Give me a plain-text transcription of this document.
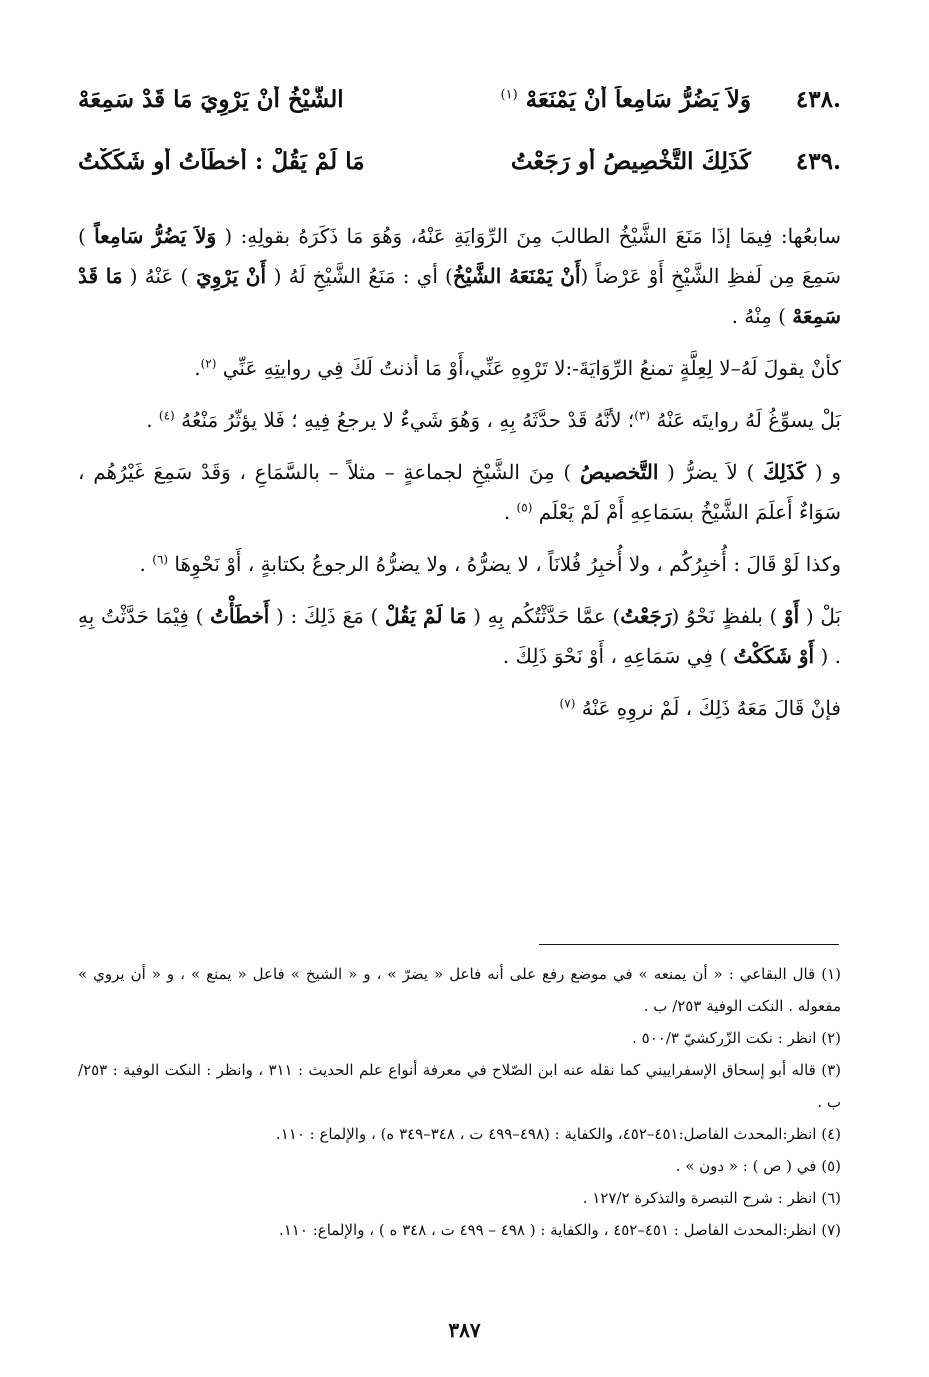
٤٣٨.
وَلاَ يَضُرُّ سَامِعاً أنْ يَمْنَعَهْ $^{(١)}$
الشَّيْخُ أَنْ يَرْوِيَ مَا قَدْ سَمِعَهْ
٤٣٩.
كَذَلِكَ التَّخْصِيصُ أو رَجَعْتُ
مَا لَمْ يَقُلْ : أَخطَأْتُ أو شَكَكْتُ

سابعُها: فِيمَا إذَا مَنَعَ الشَّيْخُ الطالبَ مِنَ الرِّوَايَةِ عَنْهُ، وَهُوَ مَا ذَكَرَهُ بقولِهِ: ( وَلاَ يَضُرُّ سَامِعاً ) سَمِعَ مِن لَفظِ الشَّيْخِ أَوْ عَرْضاً (أَنْ يَمْنَعَهُ الشَّيْخُ) أي : مَنَعُ الشَّيْخِ لَهُ ( أَنْ يَرْوِيَ ) عَنْهُ ( مَا قَدْ سَمِعَهْ ) مِنْهُ .

كأنْ يقولَ لَهُ–لا لِعِلَّةٍ تمنعُ الرِّوَايَةَ-:لا تَرْوِهِ عَنِّي،أَوْ مَا أذنتُ لَكَ فِي روايتِهِ عَنِّي $^{(٢)}$.

بَلْ يسوِّغُ لَهُ روايتَه عَنْهُ $^{(٣)}$؛ لأنَّهُ قَدْ حدَّثَهُ بِهِ ، وَهُوَ شَيءٌ لا يرجعُ فِيهِ ؛ فَلا يؤثّرُ مَنْعُهُ $^{(٤)}$ .

و ( كَذَلِكَ ) لاَ يضرُّ ( التَّخصيصُ ) مِنَ الشَّيْخِ لجماعةٍ – مثلاً – بالسَّمَاعِ ، وَقَدْ سَمِعَ غَيْرُهُم ، سَوَاءٌ أَعلَمَ الشَّيْخُ بسَمَاعِهِ أَمْ لَمْ يَعْلَم $^{(٥)}$ .

وكذا لَوْ قَالَ : أُخبِرُكُم ، ولا أُخبِرُ فُلانَاً ، لا يضرُّهُ ، ولا يضرُّهُ الرجوعُ بكتابةٍ ، أَوْ نَحْوِهَا $^{(٦)}$ .

بَلْ ( أَوْ ) بلفظٍ نَحْوُ (رَجَعْتُ) عمَّا حَدَّثْتُكُم بِهِ ( مَا لَمْ يَقُلْ ) مَعَ ذَلِكَ : ( أَخطَأْتُ ) فِيْمَا حَدَّثْتُ بِهِ . ( أَوْ شَكَكْتُ ) فِي سَمَاعِهِ ، أَوْ نَحْوَ ذَلِكَ .

فإنْ قَالَ مَعَهُ ذَلِكَ ، لَمْ نروِهِ عَنْهُ $^{(٧)}$

(١) قال البقاعي : « أن يمنعه » في موضع رفع على أنه فاعل « يضرّ » ، و « الشيخ » فاعل « يمنع » ، و « أن يروي » مفعوله . النكت الوفية ٢٥٣/ ب .

(٢) انظر : نكت الزّركشيّ ٥٠٠/٣ .

(٣) قاله أبو إسحاق الإسفراييني كما نقله عنه ابن الصّلاح في معرفة أنواع علم الحديث : ٣١١ ، وانظر : النكت الوفية : ٢٥٣/ب .

(٤) انظر:المحدث الفاصل:٤٥١–٤٥٢، والكفاية : (٤٩٨–٤٩٩ ت ، ٣٤٨–٣٤٩ ه) ، والإلماع : ١١٠.

(٥) في ( ص ) : « دون » .

(٦) انظر : شرح التبصرة والتذكرة ١٢٧/٢ .

(٧) انظر:المحدث الفاصل : ٤٥١–٤٥٢ ، والكفاية : ( ٤٩٨ – ٤٩٩ ت ، ٣٤٨ ه ) ، والإلماع: ١١٠.

٣٨٧
